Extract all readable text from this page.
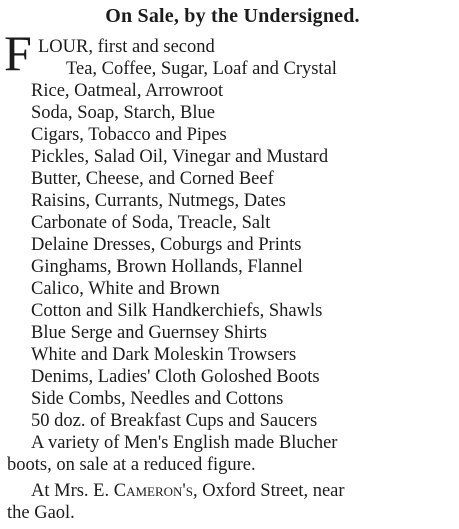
On Sale, by the Undersigned.
F LOUR, first and second
Tea, Coffee, Sugar, Loaf and Crystal
Rice, Oatmeal, Arrowroot
Soda, Soap, Starch, Blue
Cigars, Tobacco and Pipes
Pickles, Salad Oil, Vinegar and Mustard
Butter, Cheese, and Corned Beef
Raisins, Currants, Nutmegs, Dates
Carbonate of Soda, Treacle, Salt
Delaine Dresses, Coburgs and Prints
Ginghams, Brown Hollands, Flannel
Calico, White and Brown
Cotton and Silk Handkerchiefs, Shawls
Blue Serge and Guernsey Shirts
White and Dark Moleskin Trowsers
Denims, Ladies' Cloth Goloshed Boots
Side Combs, Needles and Cottons
50 doz. of Breakfast Cups and Saucers
A variety of Men's English made Blucher
boots, on sale at a reduced figure.
At Mrs. E. Cameron's, Oxford Street, near
the Gaol.
